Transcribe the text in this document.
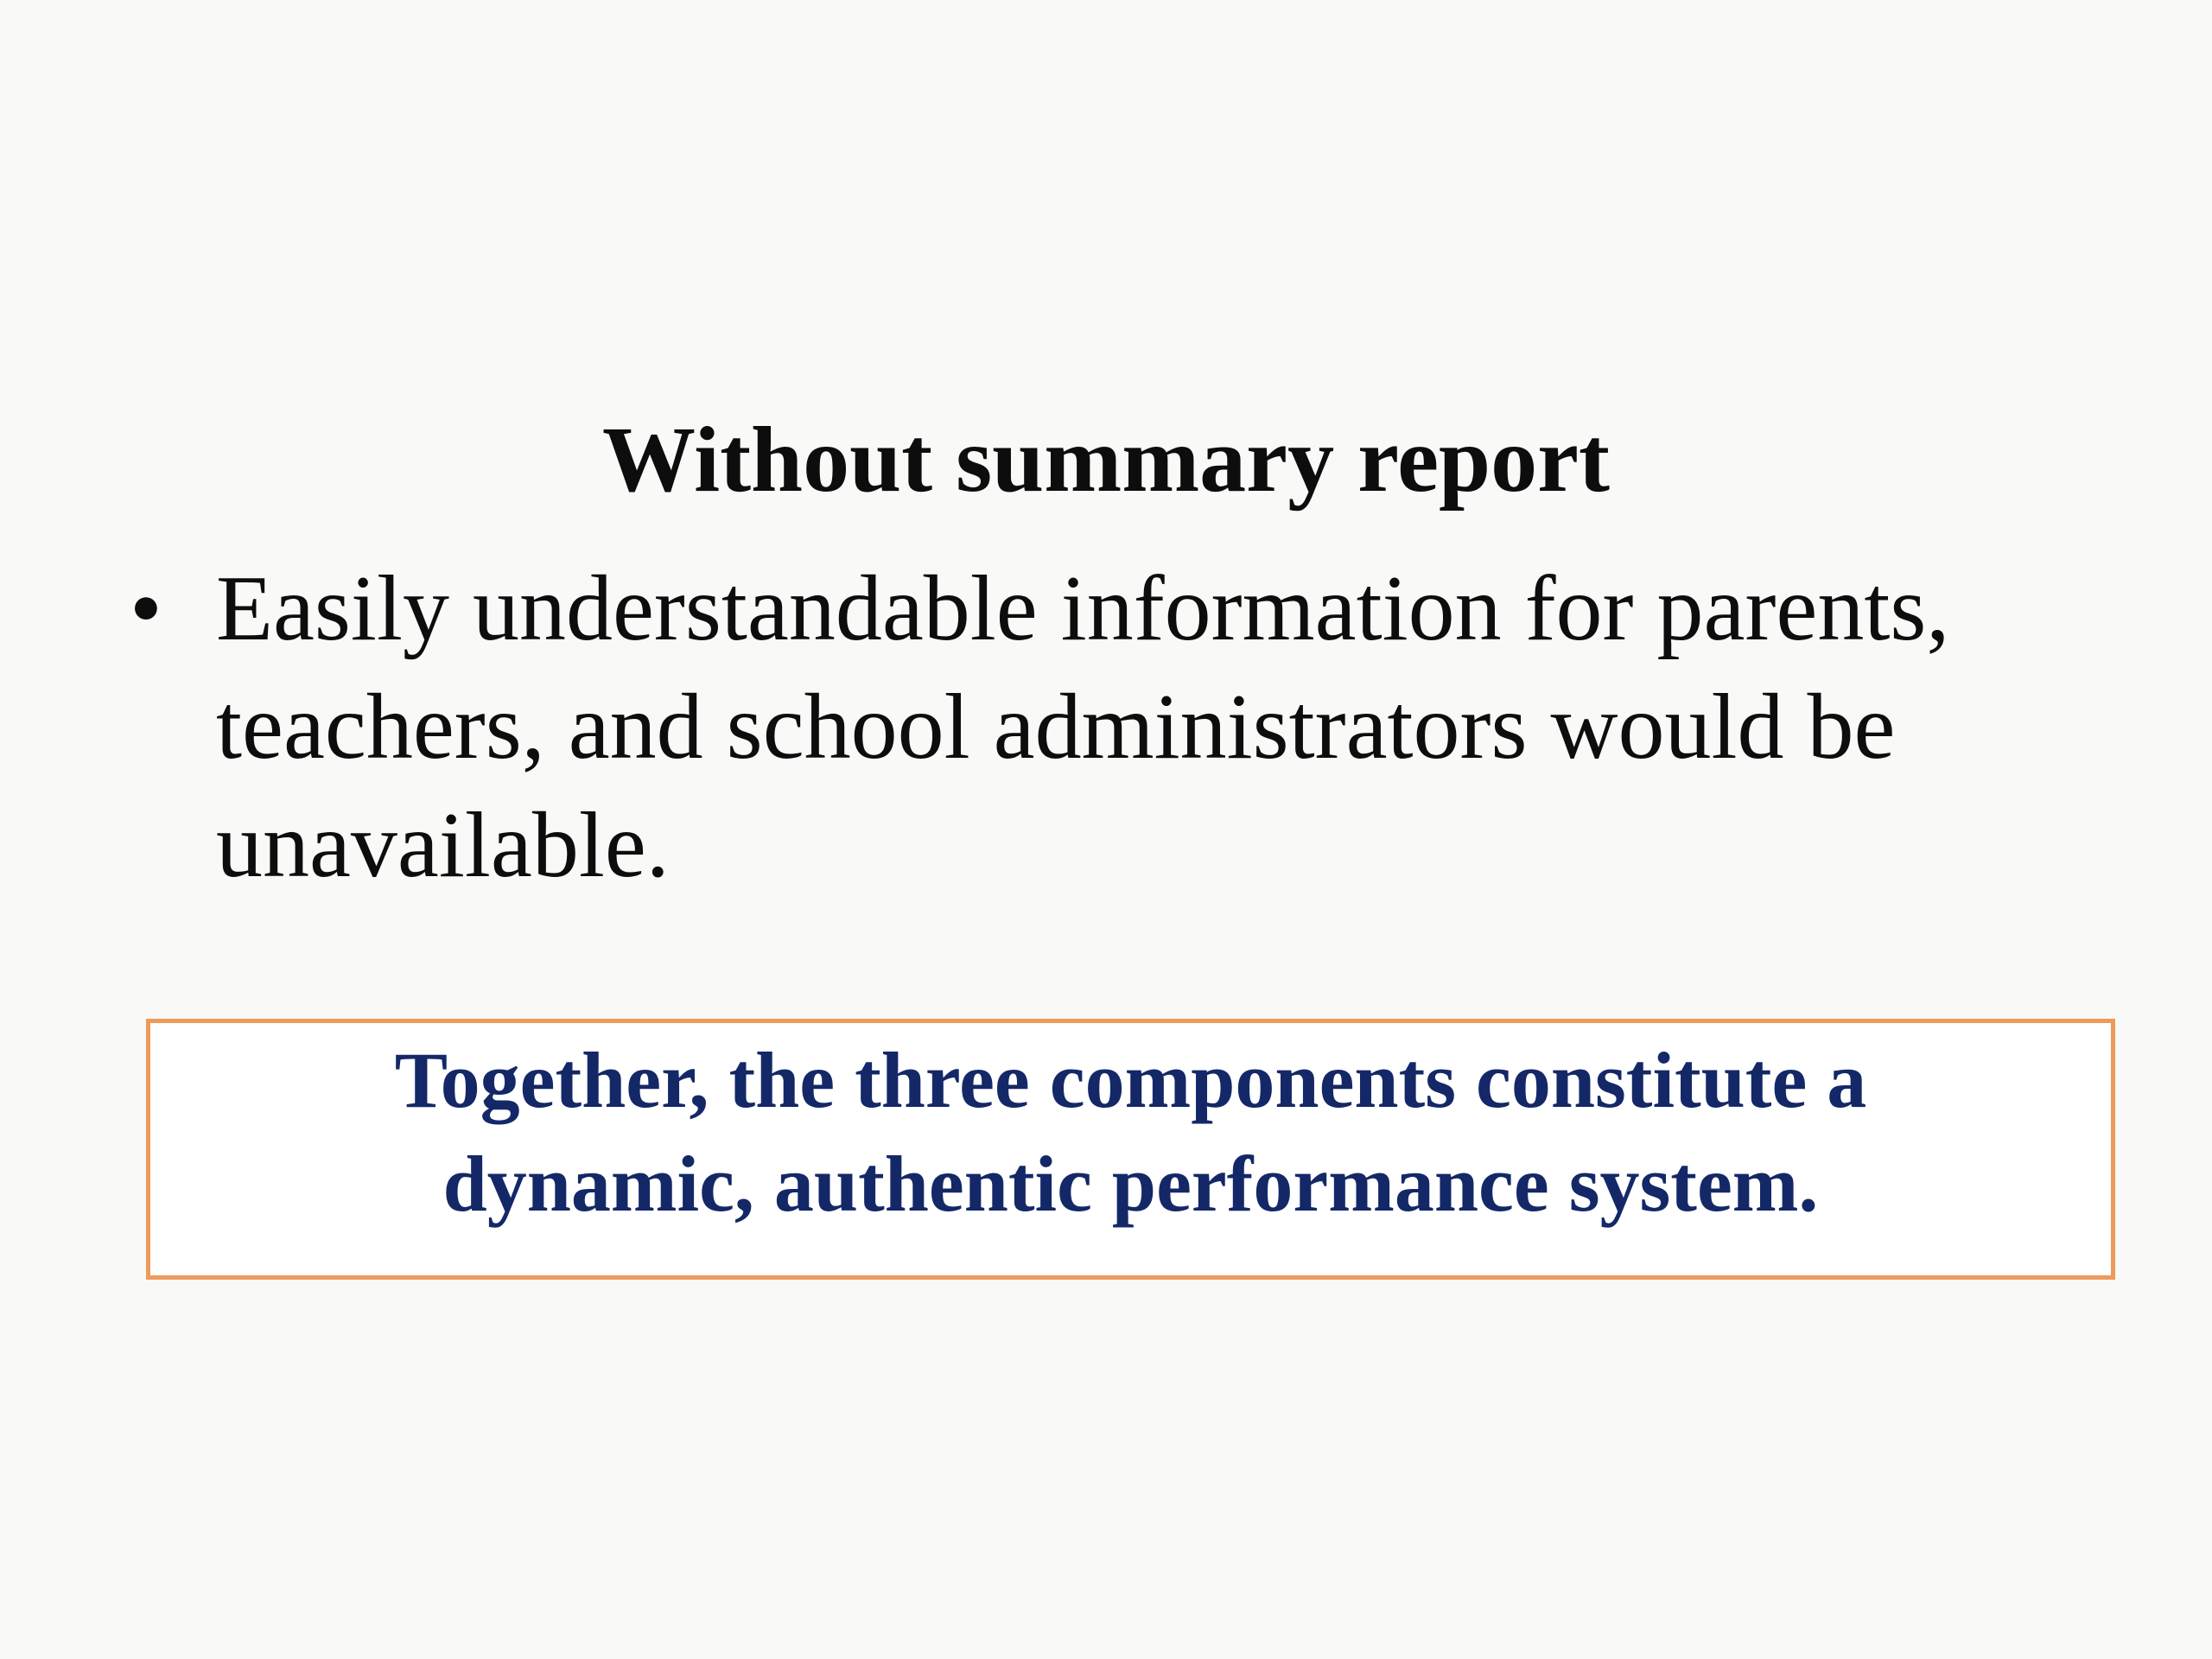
Without summary report
• Easily understandable information for parents,
teachers, and school administrators would be
unavailable.
Together, the three components constitute a
dynamic, authentic performance system.
